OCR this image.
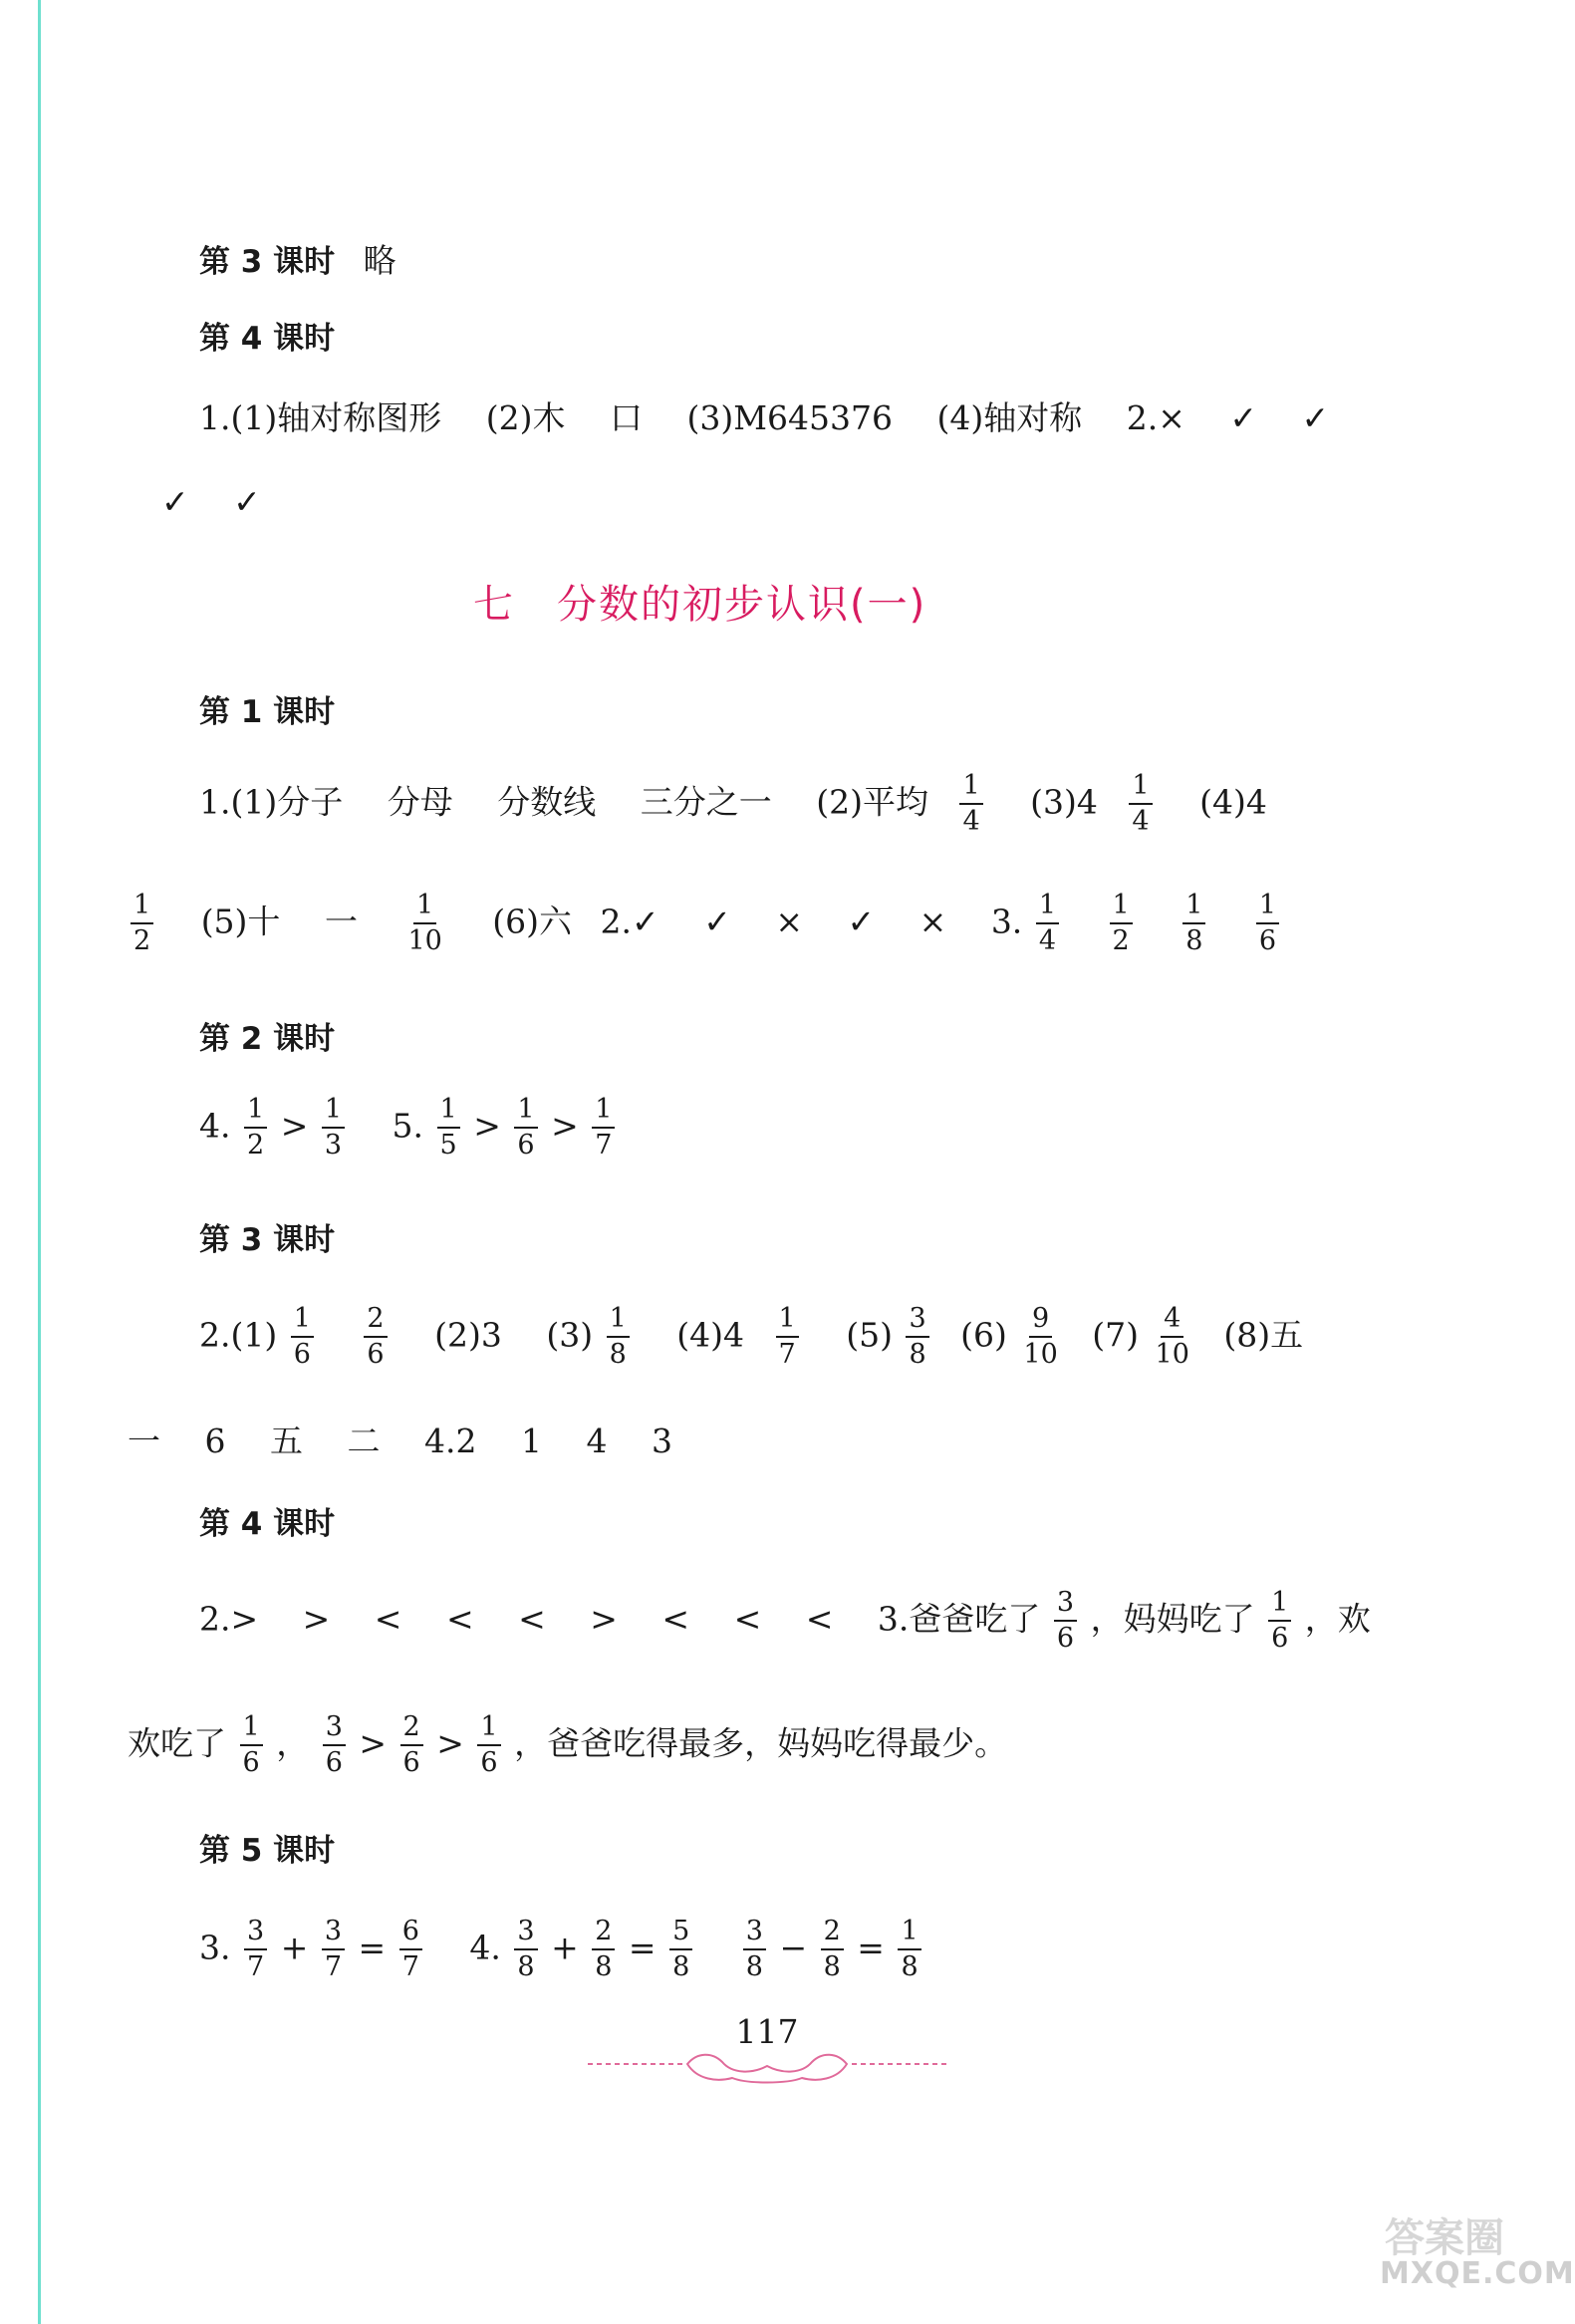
第 3 课时 略
第 4 课时
1.(1)轴对称图形 (2)木 口 (3)M645376 (4)轴对称 2.× ✓ ✓
✓ ✓
七　分数的初步认识(一)
第 1 课时
1.(1)分子 分母 分数线 三分之一 (2)平均 $\frac{1}{4} (3)4 \frac{1}{4} (4)4$
$\frac{1}{2} (5)$十 一 $\frac{1}{10} (6)$六 2.✓ ✓ × ✓ × 3. $\frac{1}{4}$
$\frac{1}{2}$
$\frac{1}{8}$
$\frac{1}{6}$
第 2 课时
4. $\frac{1}{2} > \frac{1}{3} 5$. $\frac{1}{5} > \frac{1}{6} > \frac{1}{7}$
第 3 课时
$2.(1) \frac{1}{6}$
$\frac{2}{6} (2)3$ $(3) \frac{1}{8} (4)4 \frac{1}{7} (5) \frac{3}{8} (6) \frac{9}{10} (7) \frac{4}{10} (8)$五
一 6 五 二 4.2 1 4 3
第 4 课时
2.> > < < < > < < < 3.爸爸吃了 $\frac{3}{6}$ ，妈妈吃了 $\frac{1}{6}$ ，欢
欢吃了 $\frac{1}{6}$ ， $\frac{3}{6} > \frac{2}{6} > \frac{1}{6}$ ，爸爸吃得最多，妈妈吃得最少。
第 5 课时
3. $\frac{3}{7} + \frac{3}{7} = \frac{6}{7} 4$. $\frac{3}{8} + \frac{2}{8} = \frac{5}{8}$
$\frac{3}{8} - \frac{2}{8} = \frac{1}{8}$
117
答案圈
MXQE.COM
